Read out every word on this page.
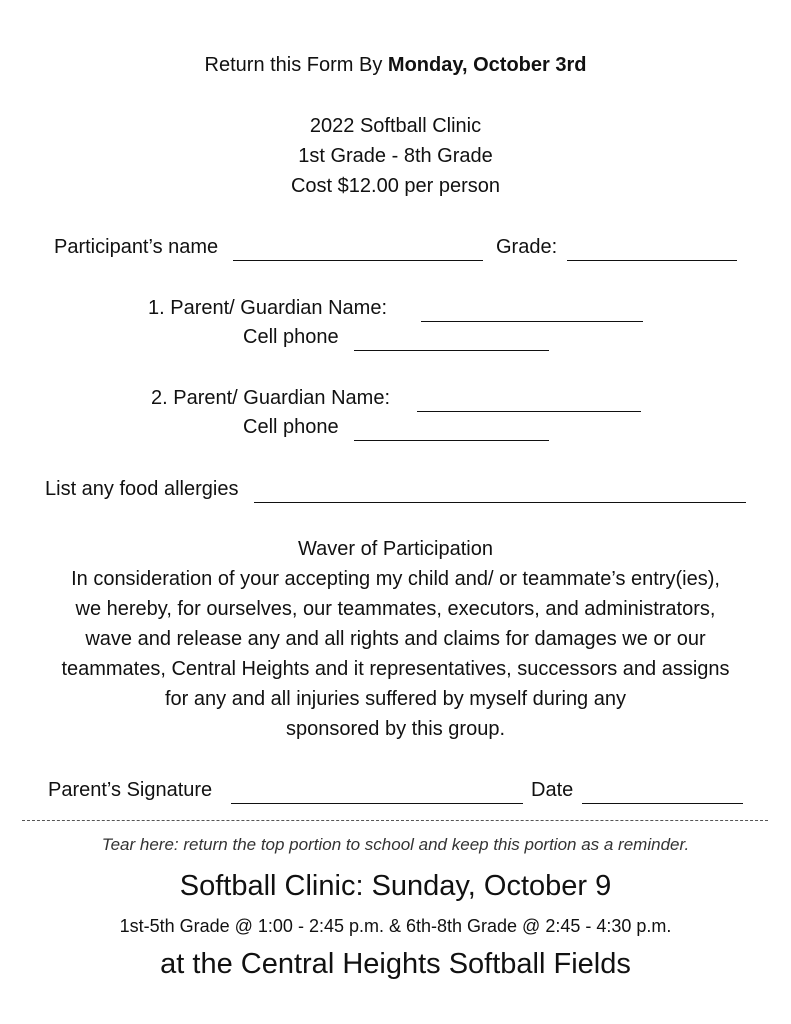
Return this Form By Monday, October 3rd
2022 Softball Clinic
1st Grade - 8th Grade
Cost $12.00 per person
Participant’s name	Grade:
1. Parent/ Guardian Name:
Cell phone
2. Parent/ Guardian Name:
Cell phone
List any food allergies
Waver of Participation
In consideration of your accepting my child and/ or teammate’s entry(ies),
we hereby, for ourselves, our teammates, executors, and administrators,
wave and release any and all rights and claims for damages we or our
teammates, Central Heights and it representatives, successors and assigns
for any and all injuries suffered by myself during any
sponsored by this group.
Parent’s Signature	Date
Tear here: return the top portion to school and keep this portion as a reminder.
Softball Clinic: Sunday, October 9
1st-5th Grade @ 1:00 - 2:45 p.m. & 6th-8th Grade @ 2:45 - 4:30 p.m.
at the Central Heights Softball Fields
